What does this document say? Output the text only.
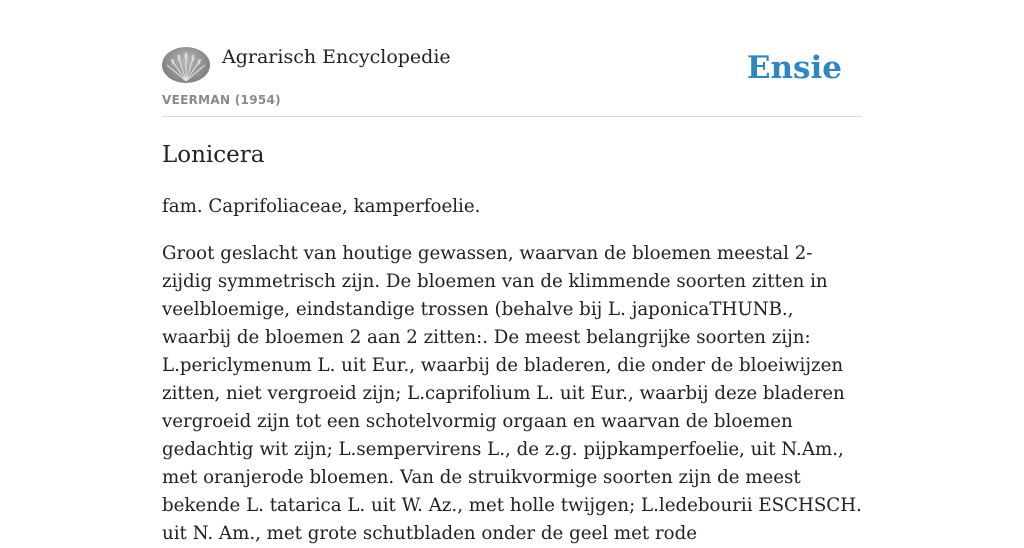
Agrarisch Encyclopedie
VEERMAN (1954)
Ensie
Lonicera

fam. Caprifoliaceae, kamperfoelie.

Groot geslacht van houtige gewassen, waarvan de bloemen meestal 2-zijdig symmetrisch zijn. De bloemen van de klimmende soorten zitten in veelbloemige, eindstandige trossen (behalve bij L. japonicaTHUNB., waarbij de bloemen 2 aan 2 zitten:. De meest belangrijke soorten zijn: L.periclymenum L. uit Eur., waarbij de bladeren, die onder de bloeiwijzen zitten, niet vergroeid zijn; L.caprifolium L. uit Eur., waarbij deze bladeren vergroeid zijn tot een schotelvormig orgaan en waarvan de bloemen gedachtig wit zijn; L.sempervirens L., de z.g. pijpkamperfoelie, uit N.Am., met oranjerode bloemen. Van de struikvormige soorten zijn de meest bekende L. tatarica L. uit W. Az., met holle twijgen; L.ledebourii ESCHSCH. uit N. Am., met grote schutbladen onder de geel met rode
